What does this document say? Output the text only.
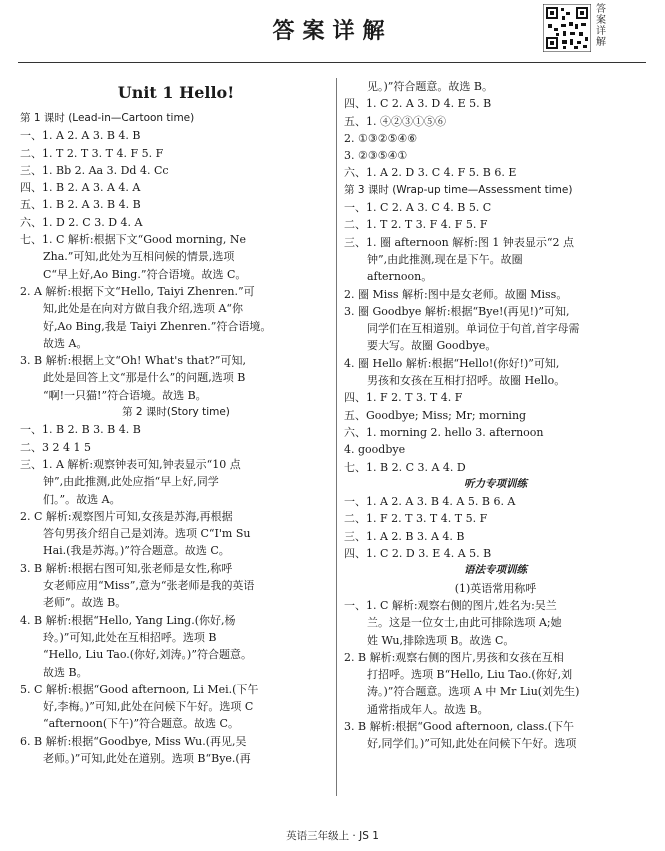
答案详解
答案详解
Unit 1 Hello!
第 1 课时 (Lead-in—Cartoon time)
一、1. A 2. A 3. B 4. B
二、1. T 2. T 3. T 4. F 5. F
三、1. Bb 2. Aa 3. Dd 4. Cc
四、1. B 2. A 3. A 4. A
五、1. B 2. A 3. B 4. B
六、1. D 2. C 3. D 4. A
七、1. C 解析:根据下文“Good morning, Ne
Zha.”可知,此处为互相问候的情景,选项
C“早上好,Ao Bing.”符合语境。故选 C。
2. A 解析:根据下文“Hello, Taiyi Zhenren.”可
知,此处是在向对方做自我介绍,选项 A“你
好,Ao Bing,我是 Taiyi Zhenren.”符合语境。
故选 A。
3. B 解析:根据上文“Oh! What's that?”可知,
此处是回答上文“那是什么”的问题,选项 B
“啊!一只猫!”符合语境。故选 B。
第 2 课时(Story time)
一、1. B 2. B 3. B 4. B
二、3 2 4 1 5
三、1. A 解析:观察钟表可知,钟表显示“10 点
钟”,由此推测,此处应指“早上好,同学
们。”。故选 A。
2. C 解析:观察图片可知,女孩是苏海,再根据
答句男孩介绍自己是刘涛。选项 C“I'm Su
Hai.(我是苏海。)”符合题意。故选 C。
3. B 解析:根据右图可知,张老师是女性,称呼
女老师应用“Miss”,意为“张老师是我的英语
老师”。故选 B。
4. B 解析:根据“Hello, Yang Ling.(你好,杨
玲。)”可知,此处在互相招呼。选项 B
“Hello, Liu Tao.(你好,刘涛。)”符合题意。
故选 B。
5. C 解析:根据“Good afternoon, Li Mei.(下午
好,李梅。)”可知,此处在问候下午好。选项 C
“afternoon(下午)”符合题意。故选 C。
6. B 解析:根据“Goodbye, Miss Wu.(再见,吴
老师。)”可知,此处在道别。选项 B“Bye.(再
见。)”符合题意。故选 B。
四、1. C 2. A 3. D 4. E 5. B
五、1. ④②③①⑤⑥
2. ①③②⑤④⑥
3. ②③⑤④①
六、1. A 2. D 3. C 4. F 5. B 6. E
第 3 课时 (Wrap-up time—Assessment time)
一、1. C 2. A 3. C 4. B 5. C
二、1. T 2. T 3. F 4. F 5. F
三、1. 圈 afternoon 解析:图 1 钟表显示“2 点
钟”,由此推测,现在是下午。故圈
afternoon。
2. 圈 Miss 解析:图中是女老师。故圈 Miss。
3. 圈 Goodbye 解析:根据“Bye!(再见!)”可知,
同学们在互相道别。单词位于句首,首字母需
要大写。故圈 Goodbye。
4. 圈 Hello 解析:根据“Hello!(你好!)”可知,
男孩和女孩在互相打招呼。故圈 Hello。
四、1. F 2. T 3. T 4. F
五、Goodbye; Miss; Mr; morning
六、1. morning 2. hello 3. afternoon
4. goodbye
七、1. B 2. C 3. A 4. D
听力专项训练
一、1. A 2. A 3. B 4. A 5. B 6. A
二、1. F 2. T 3. T 4. T 5. F
三、1. A 2. B 3. A 4. B
四、1. C 2. D 3. E 4. A 5. B
语法专项训练
(1)英语常用称呼
一、1. C 解析:观察右侧的图片,姓名为:吴兰
兰。这是一位女士,由此可排除选项 A;她
姓 Wu,排除选项 B。故选 C。
2. B 解析:观察右侧的图片,男孩和女孩在互相
打招呼。选项 B“Hello, Liu Tao.(你好,刘
涛。)”符合题意。选项 A 中 Mr Liu(刘先生)
通常指成年人。故选 B。
3. B 解析:根据“Good afternoon, class.(下午
好,同学们。)”可知,此处在问候下午好。选项
英语三年级上 · JS 1
